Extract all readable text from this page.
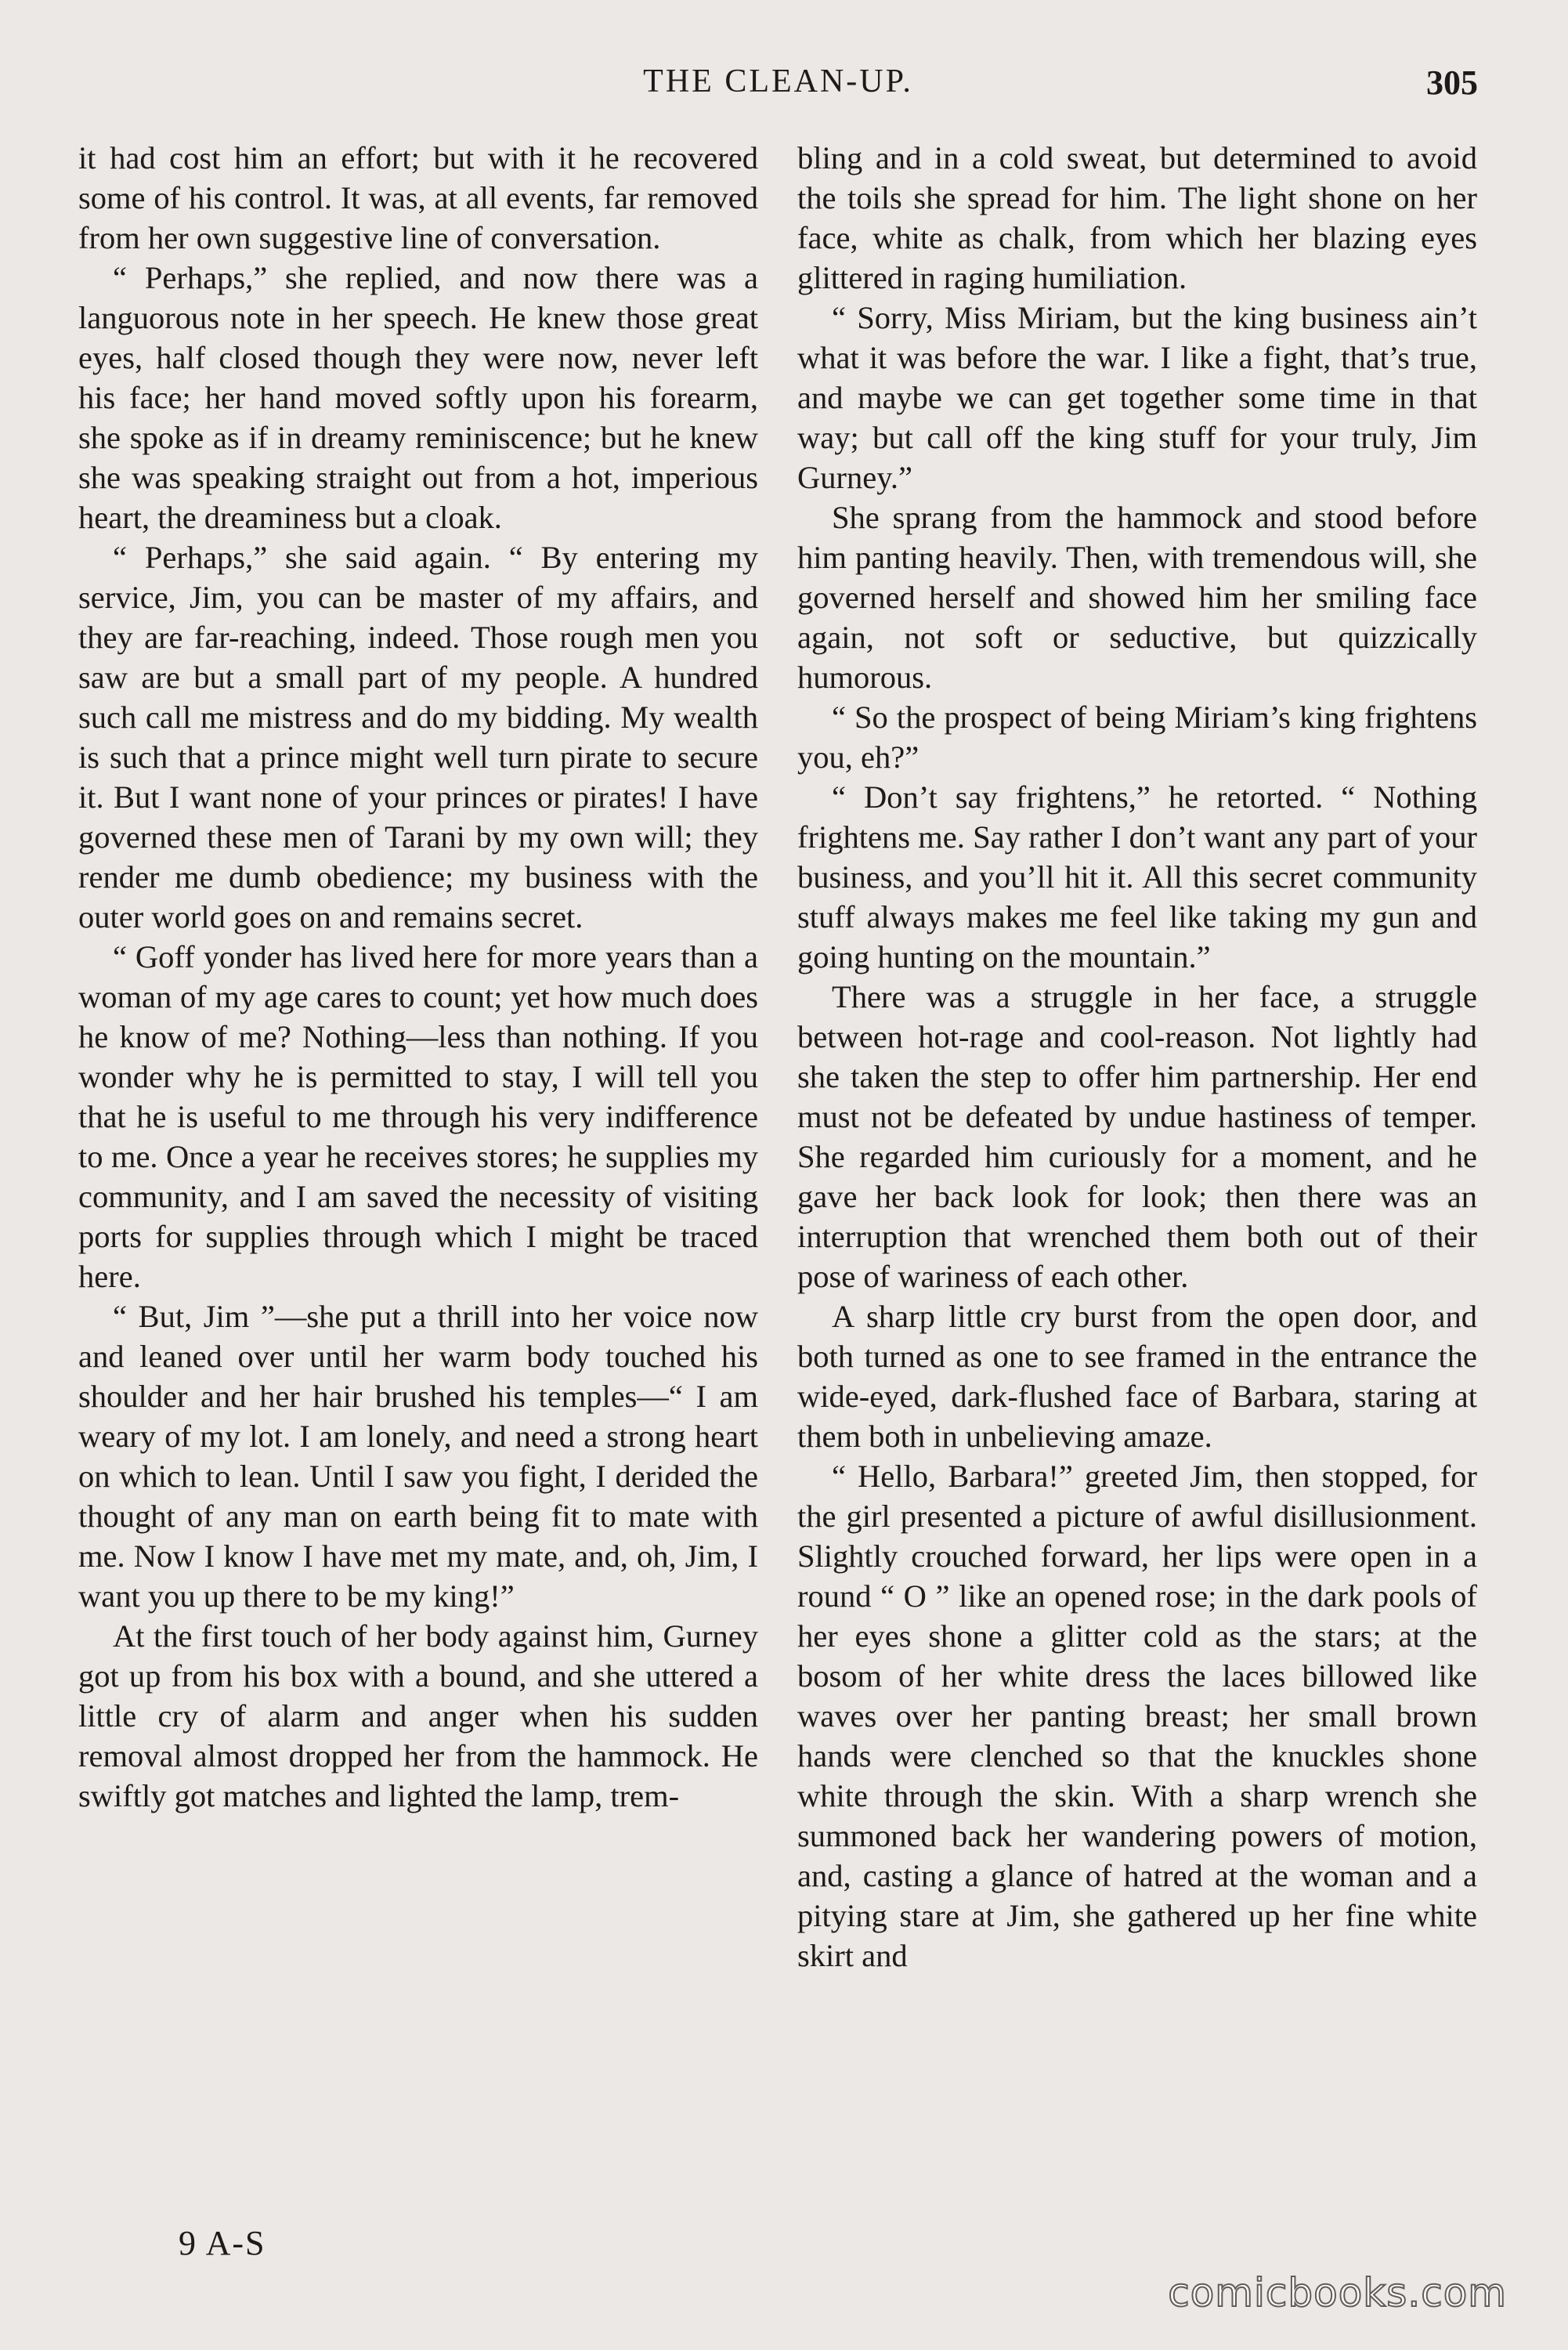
THE CLEAN-UP.	305

it had cost him an effort; but with it he recovered some of his control. It was, at all events, far removed from her own suggestive line of conversation.

“ Perhaps,” she replied, and now there was a languorous note in her speech. He knew those great eyes, half closed though they were now, never left his face; her hand moved softly upon his forearm, she spoke as if in dreamy reminiscence; but he knew she was speaking straight out from a hot, imperious heart, the dreaminess but a cloak.

“ Perhaps,” she said again. “ By entering my service, Jim, you can be master of my affairs, and they are far-reaching, indeed. Those rough men you saw are but a small part of my people. A hundred such call me mistress and do my bidding. My wealth is such that a prince might well turn pirate to secure it. But I want none of your princes or pirates! I have governed these men of Tarani by my own will; they render me dumb obedience; my business with the outer world goes on and remains secret.

“ Goff yonder has lived here for more years than a woman of my age cares to count; yet how much does he know of me? Nothing—less than nothing. If you wonder why he is permitted to stay, I will tell you that he is useful to me through his very indifference to me. Once a year he receives stores; he supplies my community, and I am saved the necessity of visiting ports for supplies through which I might be traced here.

“ But, Jim ”—she put a thrill into her voice now and leaned over until her warm body touched his shoulder and her hair brushed his temples—“ I am weary of my lot. I am lonely, and need a strong heart on which to lean. Until I saw you fight, I derided the thought of any man on earth being fit to mate with me. Now I know I have met my mate, and, oh, Jim, I want you up there to be my king!”

At the first touch of her body against him, Gurney got up from his box with a bound, and she uttered a little cry of alarm and anger when his sudden removal almost dropped her from the hammock. He swiftly got matches and lighted the lamp, trem-

bling and in a cold sweat, but determined to avoid the toils she spread for him. The light shone on her face, white as chalk, from which her blazing eyes glittered in raging humiliation.

“ Sorry, Miss Miriam, but the king business ain’t what it was before the war. I like a fight, that’s true, and maybe we can get together some time in that way; but call off the king stuff for your truly, Jim Gurney.”

She sprang from the hammock and stood before him panting heavily. Then, with tremendous will, she governed herself and showed him her smiling face again, not soft or seductive, but quizzically humorous.

“ So the prospect of being Miriam’s king frightens you, eh?”

“ Don’t say frightens,” he retorted. “ Nothing frightens me. Say rather I don’t want any part of your business, and you’ll hit it. All this secret community stuff always makes me feel like taking my gun and going hunting on the mountain.”

There was a struggle in her face, a struggle between hot-rage and cool-reason. Not lightly had she taken the step to offer him partnership. Her end must not be defeated by undue hastiness of temper. She regarded him curiously for a moment, and he gave her back look for look; then there was an interruption that wrenched them both out of their pose of wariness of each other.

A sharp little cry burst from the open door, and both turned as one to see framed in the entrance the wide-eyed, dark-flushed face of Barbara, staring at them both in unbelieving amaze.

“ Hello, Barbara!” greeted Jim, then stopped, for the girl presented a picture of awful disillusionment. Slightly crouched forward, her lips were open in a round “ O ” like an opened rose; in the dark pools of her eyes shone a glitter cold as the stars; at the bosom of her white dress the laces billowed like waves over her panting breast; her small brown hands were clenched so that the knuckles shone white through the skin. With a sharp wrench she summoned back her wandering powers of motion, and, casting a glance of hatred at the woman and a pitying stare at Jim, she gathered up her fine white skirt and

9 A-S
comicbooks.com
